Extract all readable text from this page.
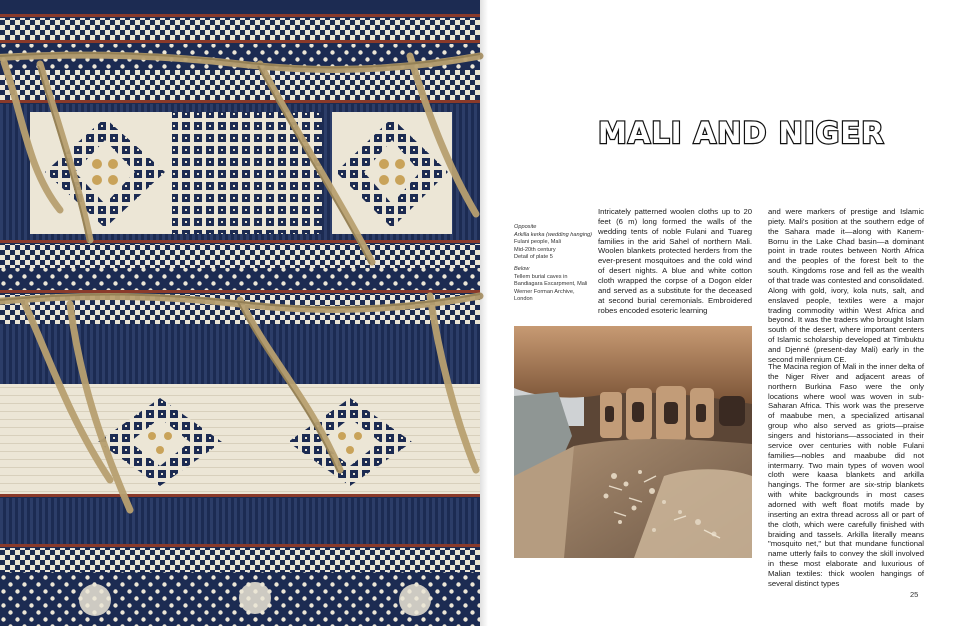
MALI AND NIGER
Opposite
Arkilla kerka (wedding hanging)
Fulani people, Mali
Mid-20th century
Detail of plate 5
Below
Tellem burial caves in
Bandiagara Escarpment, Mali
Werner Forman Archive,
London

Intricately patterned woolen cloths up to 20 feet (6 m) long formed the walls of the wedding tents of noble Fulani and Tuareg families in the arid Sahel of northern Mali. Woolen blankets protected herders from the ever-present mosquitoes and the cold wind of desert nights. A blue and white cotton cloth wrapped the corpse of a Dogon elder and served as a substitute for the deceased at second burial ceremonials. Embroidered robes encoded esoteric learning

and were markers of prestige and Islamic piety. Mali's position at the southern edge of the Sahara made it—along with Kanem-Bornu in the Lake Chad basin—a dominant point in trade routes between North Africa and the peoples of the forest belt to the south. Kingdoms rose and fell as the wealth of that trade was contested and consolidated. Along with gold, ivory, kola nuts, salt, and enslaved people, textiles were a major trading commodity within West Africa and beyond. It was the traders who brought Islam south of the desert, where important centers of Islamic scholarship developed at Timbuktu and Djenné (present-day Mali) early in the second millennium CE.

The Macina region of Mali in the inner delta of the Niger River and adjacent areas of northern Burkina Faso were the only locations where wool was woven in sub-Saharan Africa. This work was the preserve of maabube men, a specialized artisanal group who also served as griots—praise singers and historians—associated in their service over centuries with noble Fulani families—nobles and maabube did not intermarry. Two main types of woven wool cloth were kaasa blankets and arkilla hangings. The former are six-strip blankets with white backgrounds in most cases adorned with weft float motifs made by inserting an extra thread across all or part of the cloth, which were carefully finished with braiding and tassels. Arkilla literally means "mosquito net," but that mundane functional name utterly fails to convey the skill involved in these most elaborate and luxurious of Malian textiles: thick woolen hangings of several distinct types

25
